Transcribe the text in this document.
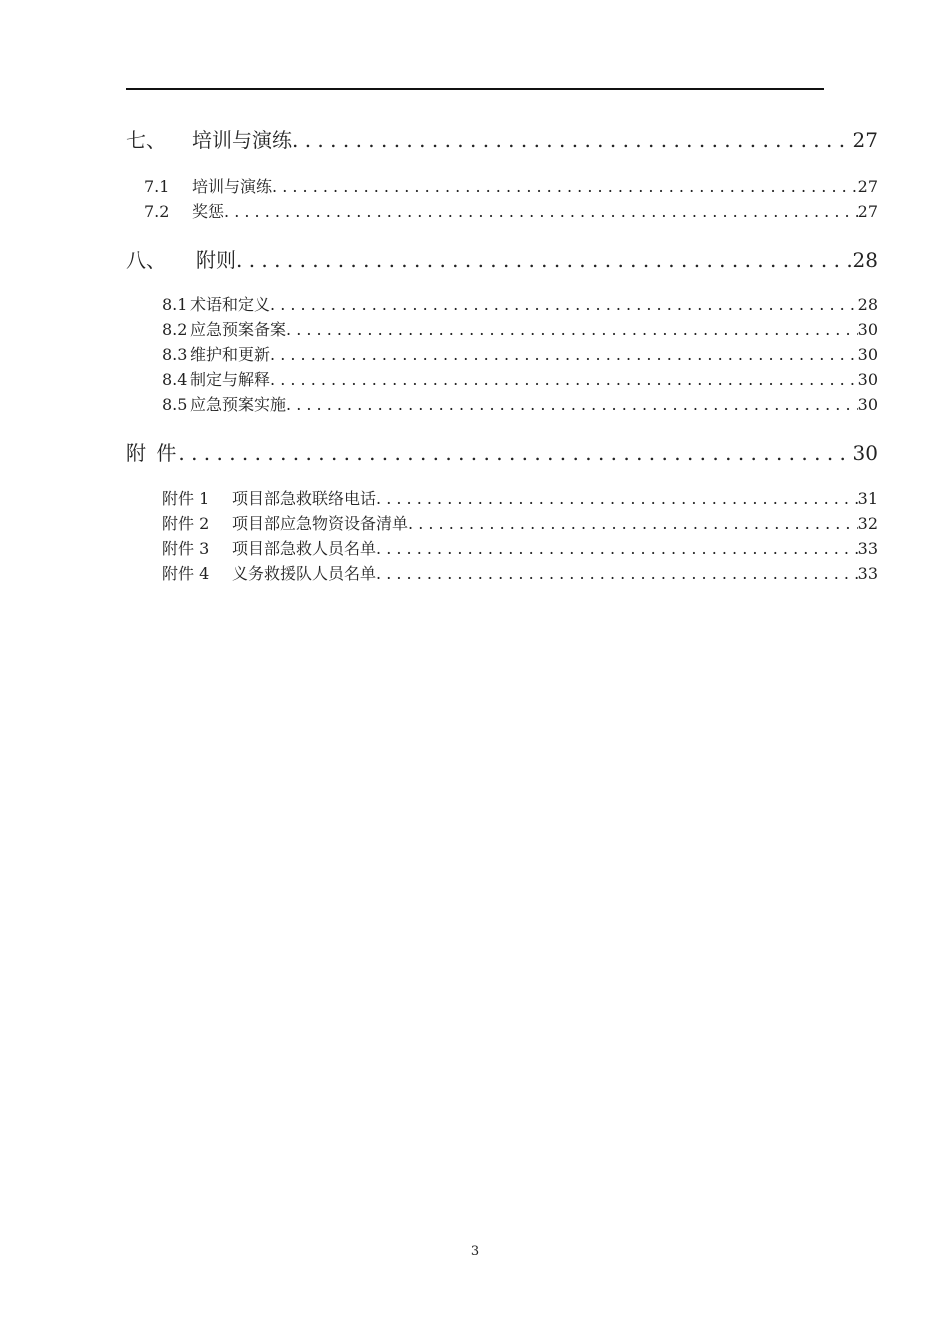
七、	培训与演练 . . .	27
7.1	培训与演练 . . .	27
7.2	奖惩 . . .	27
八、	附则 . . .	28
8.1 术语和定义 . . .	28
8.2 应急预案备案 . . .	30
8.3 维护和更新 . . .	30
8.4 制定与解释 . . .	30
8.5 应急预案实施 . . .	30
附 件 . . .	30
附件 1	项目部急救联络电话 . . .	31
附件 2	项目部应急物资设备清单 . . .	32
附件 3	项目部急救人员名单 . . .	33
附件 4	义务救援队人员名单 . . .	33
3
